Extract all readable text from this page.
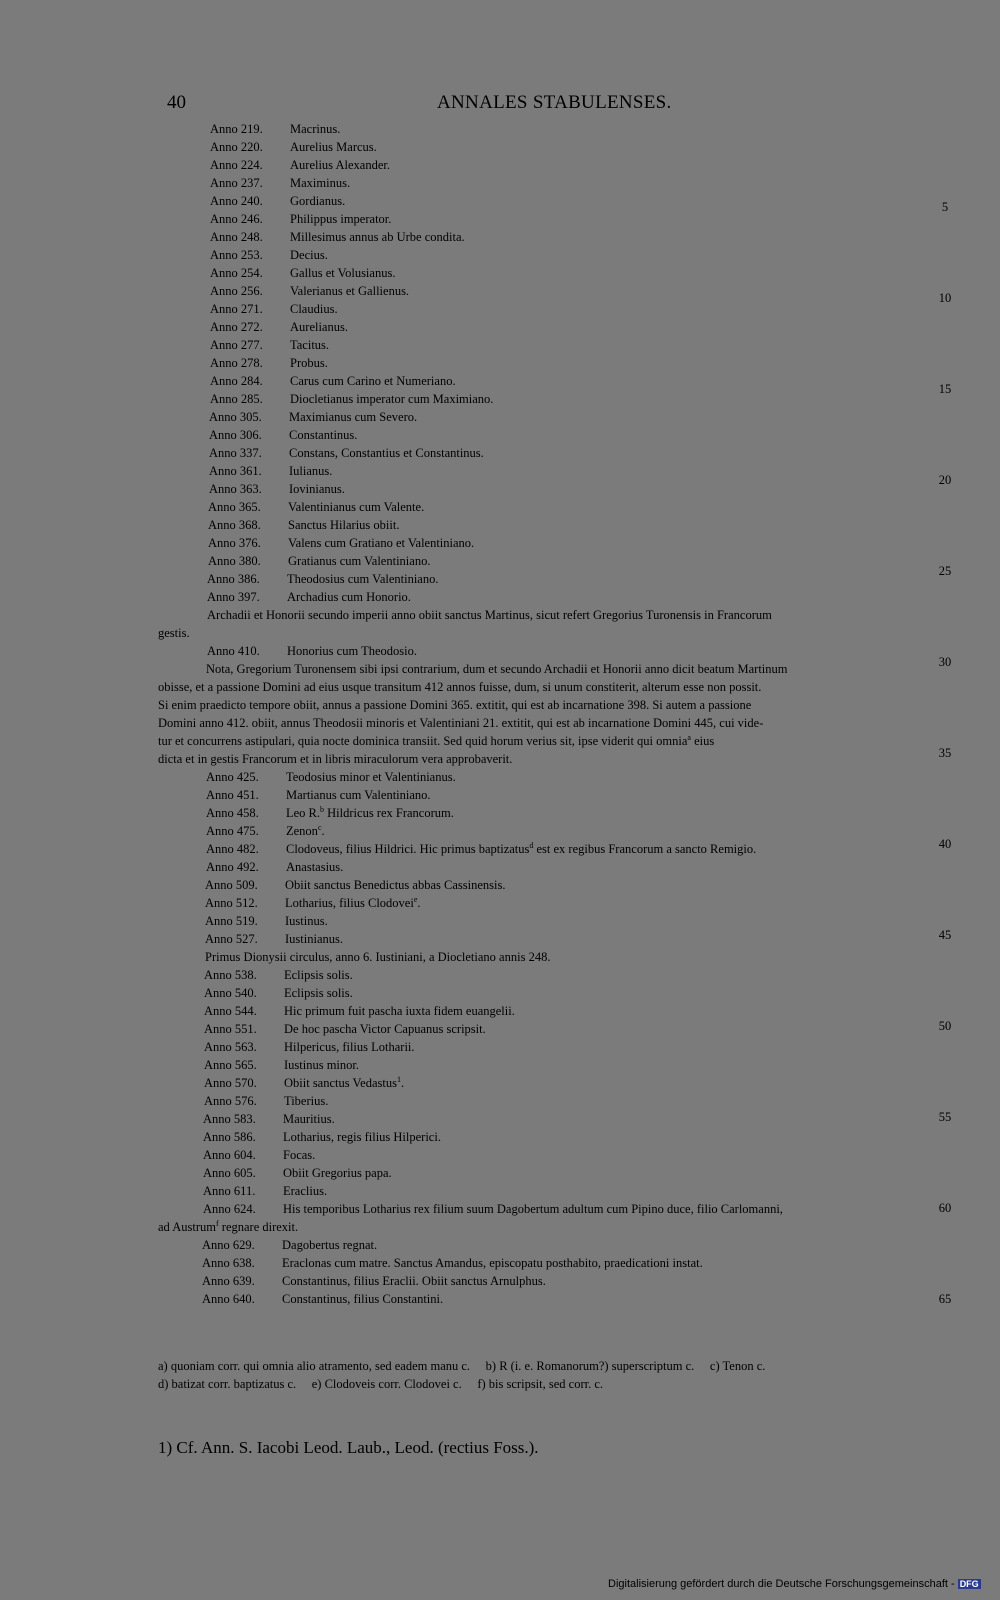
40	ANNALES STABULENSES.
Anno 219. Macrinus.
Anno 220. Aurelius Marcus.
Anno 224. Aurelius Alexander.
Anno 237. Maximinus.
Anno 240. Gordianus.
Anno 246. Philippus imperator.
Anno 248. Millesimus annus ab Urbe condita.
Anno 253. Decius.
Anno 254. Gallus et Volusianus.
Anno 256. Valerianus et Gallienus.
Anno 271. Claudius.
Anno 272. Aurelianus.
Anno 277. Tacitus.
Anno 278. Probus.
Anno 284. Carus cum Carino et Numeriano.
Anno 285. Diocletianus imperator cum Maximiano.
Anno 305. Maximianus cum Severo.
Anno 306. Constantinus.
Anno 337. Constans, Constantius et Constantinus.
Anno 361. Iulianus.
Anno 363. Iovinianus.
Anno 365. Valentinianus cum Valente.
Anno 368. Sanctus Hilarius obiit.
Anno 376. Valens cum Gratiano et Valentiniano.
Anno 380. Gratianus cum Valentiniano.
Anno 386. Theodosius cum Valentiniano.
Anno 397. Archadius cum Honorio.
Archadii et Honorii secundo imperii anno obiit sanctus Martinus, sicut refert Gregorius Turonensis in Francorum
gestis.
Anno 410. Honorius cum Theodosio.
Nota, Gregorium Turonensem sibi ipsi contrarium, dum et secundo Archadii et Honorii anno dicit beatum Martinum
obisse, et a passione Domini ad eius usque transitum 412 annos fuisse, dum, si unum constiterit, alterum esse non possit.
Si enim praedicto tempore obiit, annus a passione Domini 365. extitit, qui est ab incarnatione 398. Si autem a passione
Domini anno 412. obiit, annus Theodosii minoris et Valentiniani 21. extitit, qui est ab incarnatione Domini 445, cui vide-
tur et concurrens astipulari, quia nocte dominica transiit. Sed quid horum verius sit, ipse viderit qui omnia$^a$ eius
dicta et in gestis Francorum et in libris miraculorum vera approbaverit.
Anno 425. Teodosius minor et Valentinianus.
Anno 451. Martianus cum Valentiniano.
Anno 458. Leo R.$^b$ Hildricus rex Francorum.
Anno 475. Zenon$^c$.
Anno 482. Clodoveus, filius Hildrici. Hic primus baptizatus$^d$ est ex regibus Francorum a sancto Remigio.
Anno 492. Anastasius.
Anno 509. Obiit sanctus Benedictus abbas Cassinensis.
Anno 512. Lotharius, filius Clodovei$^e$.
Anno 519. Iustinus.
Anno 527. Iustinianus.
Primus Dionysii circulus, anno 6. Iustiniani, a Diocletiano annis 248.
Anno 538. Eclipsis solis.
Anno 540. Eclipsis solis.
Anno 544. Hic primum fuit pascha iuxta fidem euangelii.
Anno 551. De hoc pascha Victor Capuanus scripsit.
Anno 563. Hilpericus, filius Lotharii.
Anno 565. Iustinus minor.
Anno 570. Obiit sanctus Vedastus$^1$.
Anno 576. Tiberius.
Anno 583. Mauritius.
Anno 586. Lotharius, regis filius Hilperici.
Anno 604. Focas.
Anno 605. Obiit Gregorius papa.
Anno 611. Eraclius.
Anno 624. His temporibus Lotharius rex filium suum Dagobertum adultum cum Pipino duce, filio Carlomanni,
ad Austrum$^f$ regnare direxit.
Anno 629. Dagobertus regnat.
Anno 638. Eraclonas cum matre. Sanctus Amandus, episcopatu posthabito, praedicationi instat.
Anno 639. Constantinus, filius Eraclii. Obiit sanctus Arnulphus.
Anno 640. Constantinus, filius Constantini.
5
10
15
20
25
30
35
40
45
50
55
60
65
a) quoniam corr. qui omnia alio atramento, sed eadem manu c.     b) R (i. e. Romanorum?) superscriptum c.     c) Tenon c.
d) batizat corr. baptizatus c.     e) Clodoveis corr. Clodovei c.     f) bis scripsit, sed corr. c.
1) Cf. Ann. S. Iacobi Leod. Laub., Leod. (rectius Foss.).
Digitalisierung gefördert durch die Deutsche Forschungsgemeinschaft - DFG
